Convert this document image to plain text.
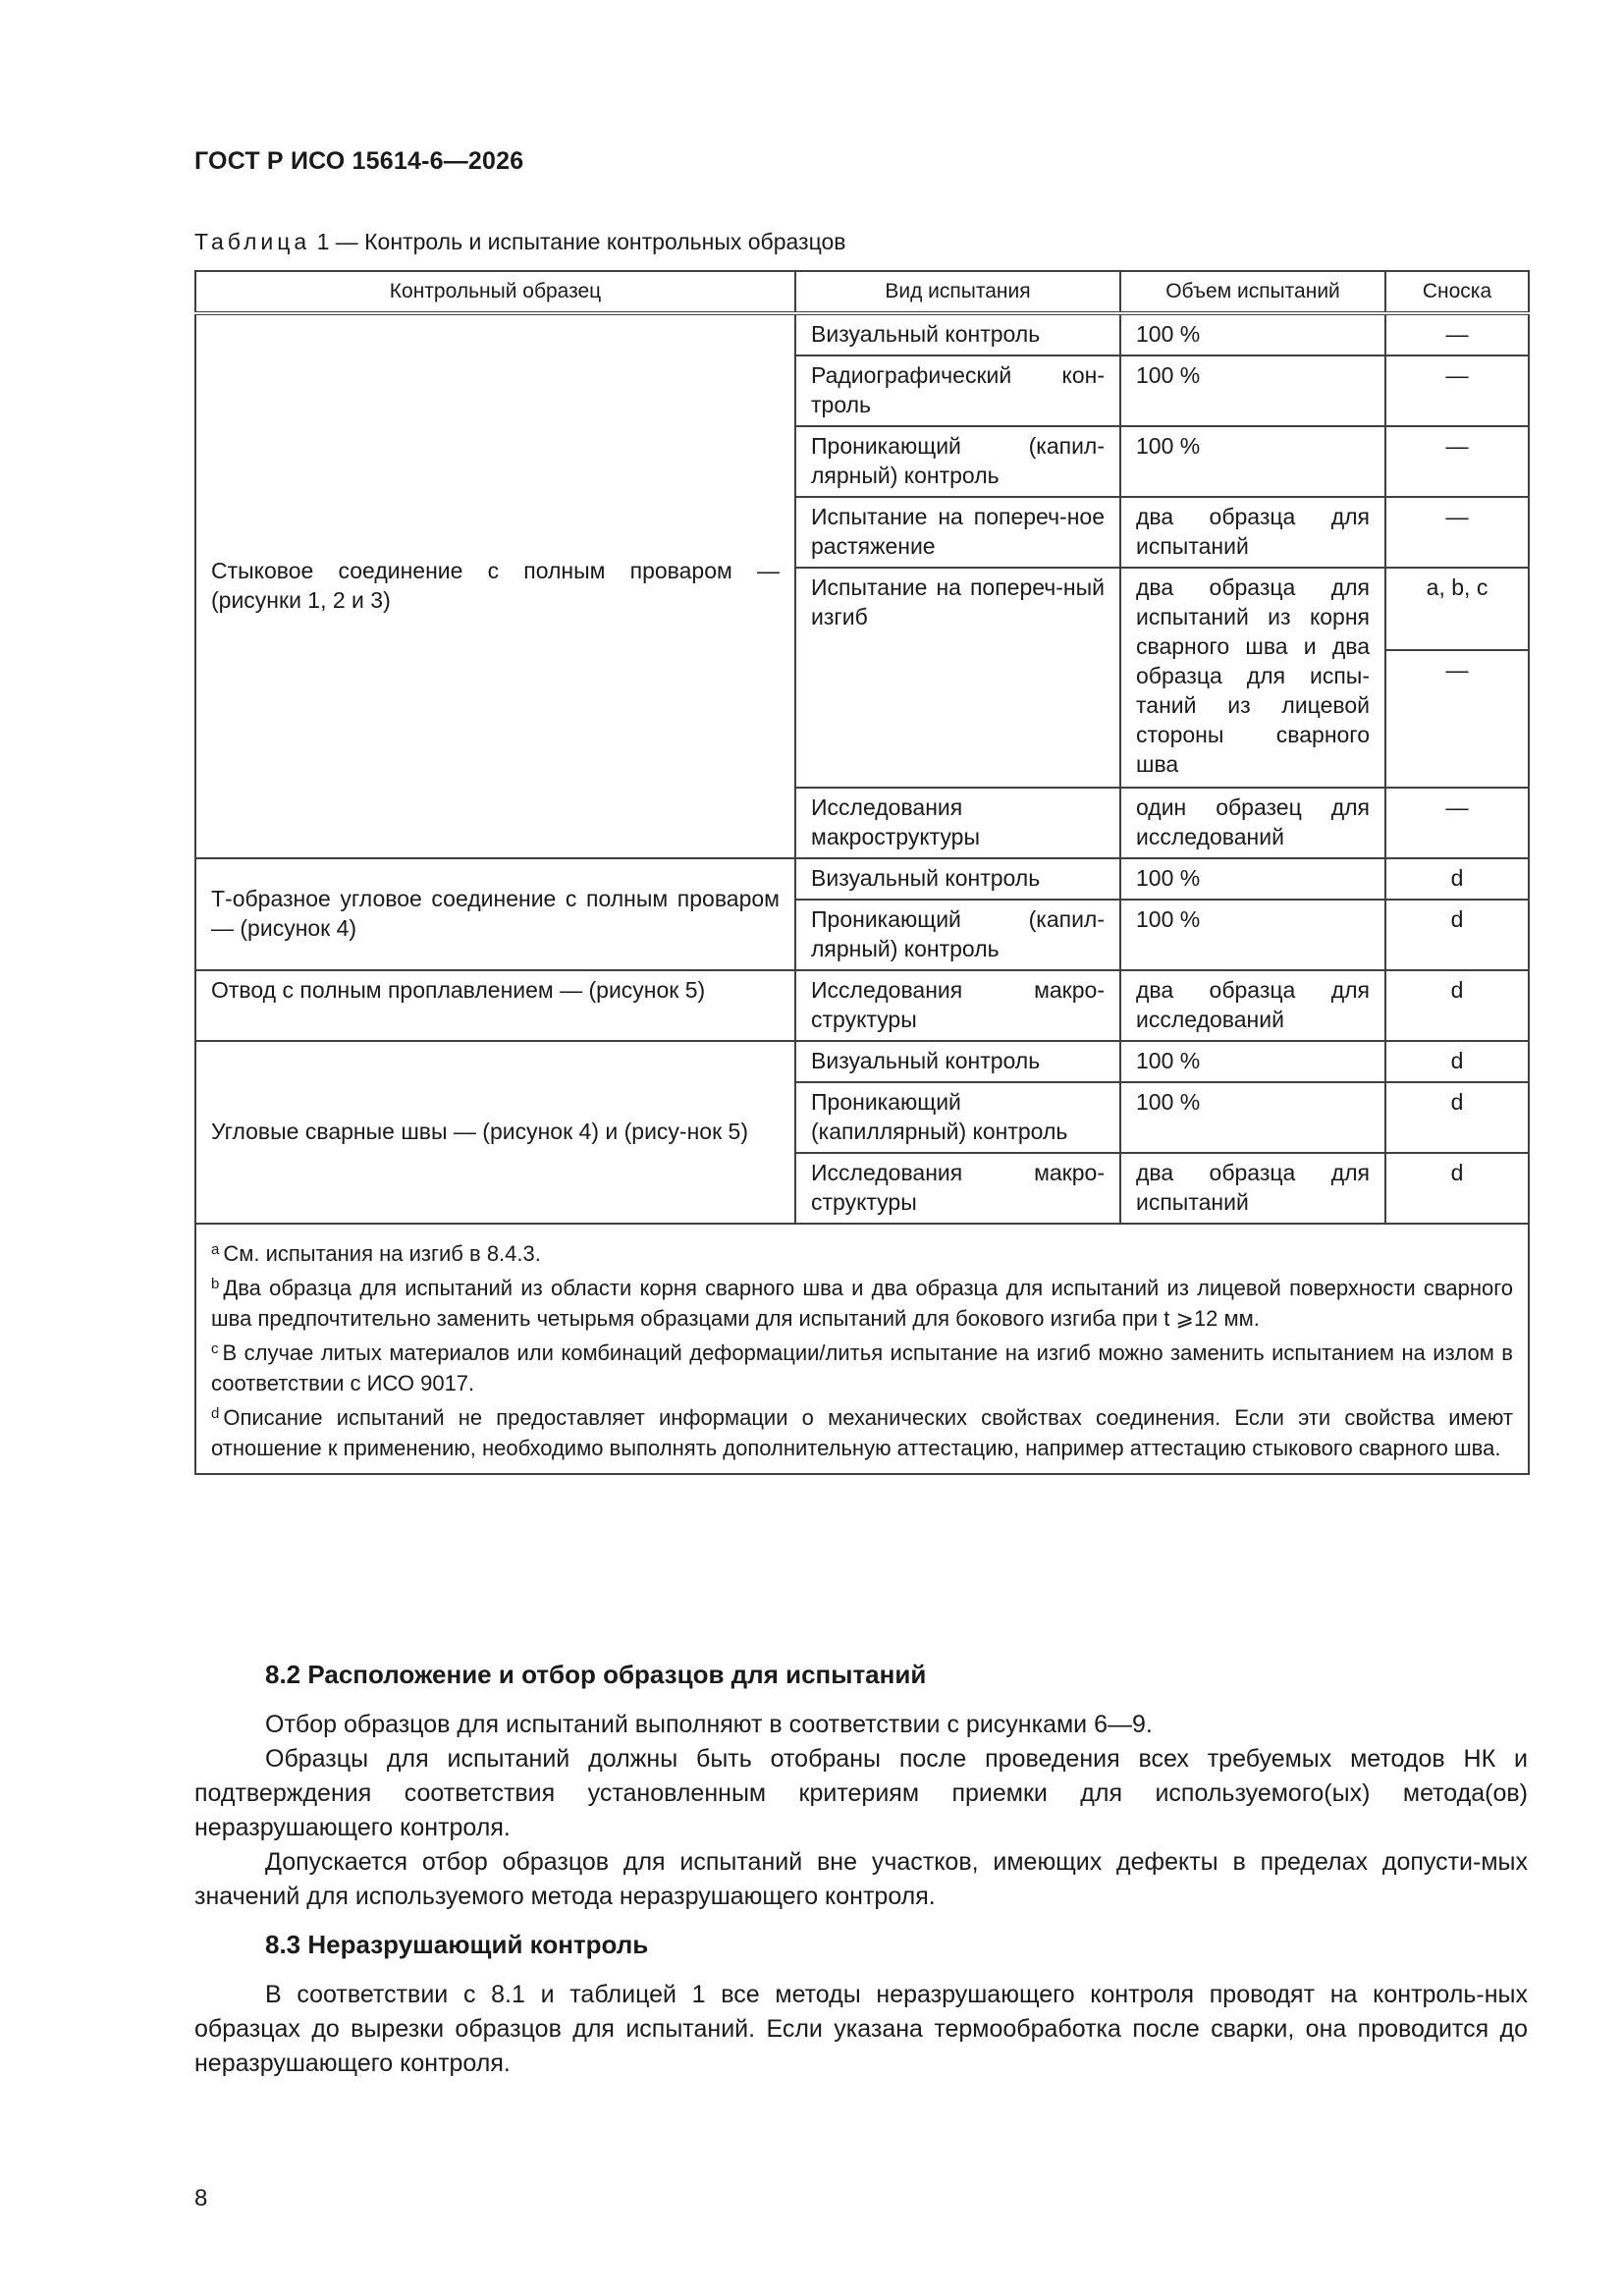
ГОСТ Р ИСО 15614-6—2026
Таблица 1 — Контроль и испытание контрольных образцов
Контрольный образец	Вид испытания	Объем испытаний	Сноска
Стыковое соединение с полным проваром — (рисунки 1, 2 и 3)	Визуальный контроль	100 %	—
	Радиографический кон-троль	100 %	—
	Проникающий (капил-лярный) контроль	100 %	—
	Испытание на попереч-ное растяжение	два образца для испытаний	—
	Испытание на попереч-ный изгиб	два образца для испытаний из корня сварного шва и два образца для испы-таний из лицевой стороны сварного шва	a, b, c
			—
	Исследования макроструктуры	один образец для исследований	—
Т-образное угловое соединение с полным проваром — (рисунок 4)	Визуальный контроль	100 %	d
	Проникающий (капил-лярный) контроль	100 %	d
Отвод с полным проплавлением — (рисунок 5)	Исследования макро-структуры	два образца для исследований	d
Угловые сварные швы — (рисунок 4) и (рису-нок 5)	Визуальный контроль	100 %	d
	Проникающий (капиллярный) контроль	100 %	d
	Исследования макро-структуры	два образца для испытаний	d

$^a$ См. испытания на изгиб в 8.4.3.

$^b$ Два образца для испытаний из области корня сварного шва и два образца для испытаний из лицевой поверхности сварного шва предпочтительно заменить четырьмя образцами для испытаний для бокового изгиба при t ⩾12 мм.

$^c$ В случае литых материалов или комбинаций деформации/литья испытание на изгиб можно заменить испытанием на излом в соответствии с ИСО 9017.

$^d$ Описание испытаний не предоставляет информации о механических свойствах соединения. Если эти свойства имеют отношение к применению, необходимо выполнять дополнительную аттестацию, например аттестацию стыкового сварного шва.			

8.2 Расположение и отбор образцов для испытаний

Отбор образцов для испытаний выполняют в соответствии с рисунками 6—9.

Образцы для испытаний должны быть отобраны после проведения всех требуемых методов НК и подтверждения соответствия установленным критериям приемки для используемого(ых) метода(ов) неразрушающего контроля.

Допускается отбор образцов для испытаний вне участков, имеющих дефекты в пределах допусти-мых значений для используемого метода неразрушающего контроля.

8.3 Неразрушающий контроль

В соответствии с 8.1 и таблицей 1 все методы неразрушающего контроля проводят на контроль-ных образцах до вырезки образцов для испытаний. Если указана термообработка после сварки, она проводится до неразрушающего контроля.

8
